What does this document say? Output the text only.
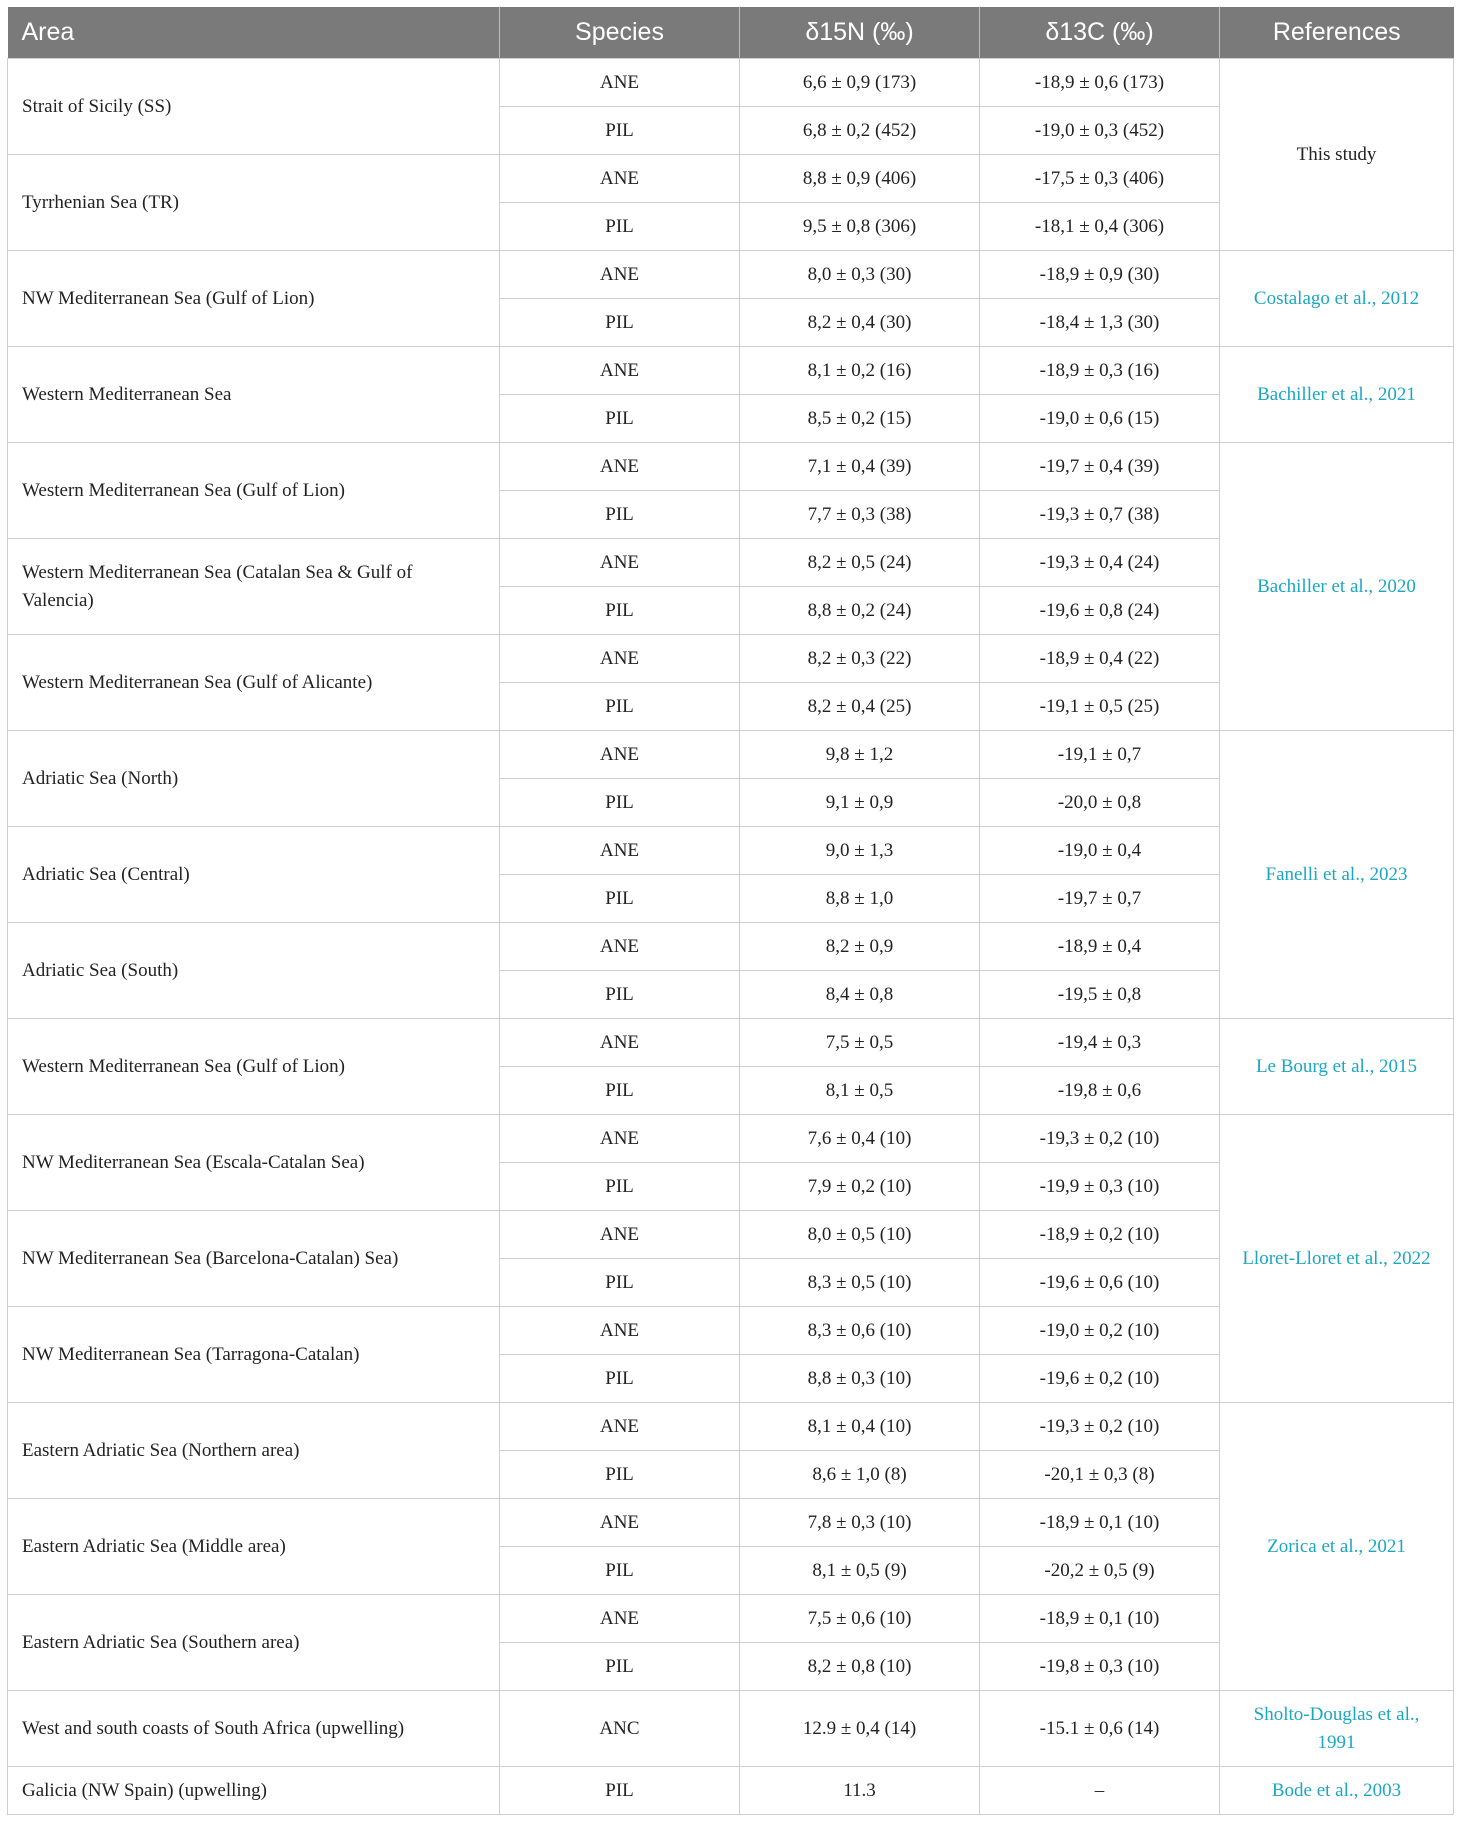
Area	Species	δ15N (‰)	δ13C (‰)	References
Strait of Sicily (SS)	ANE	6,6 ± 0,9 (173)	-18,9 ± 0,6 (173)	This study
	PIL	6,8 ± 0,2 (452)	-19,0 ± 0,3 (452)	
Tyrrhenian Sea (TR)	ANE	8,8 ± 0,9 (406)	-17,5 ± 0,3 (406)	
	PIL	9,5 ± 0,8 (306)	-18,1 ± 0,4 (306)	
NW Mediterranean Sea (Gulf of Lion)	ANE	8,0 ± 0,3 (30)	-18,9 ± 0,9 (30)	Costalago et al., 2012
	PIL	8,2 ± 0,4 (30)	-18,4 ± 1,3 (30)	
Western Mediterranean Sea	ANE	8,1 ± 0,2 (16)	-18,9 ± 0,3 (16)	Bachiller et al., 2021
	PIL	8,5 ± 0,2 (15)	-19,0 ± 0,6 (15)	
Western Mediterranean Sea (Gulf of Lion)	ANE	7,1 ± 0,4 (39)	-19,7 ± 0,4 (39)	Bachiller et al., 2020
	PIL	7,7 ± 0,3 (38)	-19,3 ± 0,7 (38)	
Western Mediterranean Sea (Catalan Sea & Gulf of Valencia)	ANE	8,2 ± 0,5 (24)	-19,3 ± 0,4 (24)	
	PIL	8,8 ± 0,2 (24)	-19,6 ± 0,8 (24)	
Western Mediterranean Sea (Gulf of Alicante)	ANE	8,2 ± 0,3 (22)	-18,9 ± 0,4 (22)	
	PIL	8,2 ± 0,4 (25)	-19,1 ± 0,5 (25)	
Adriatic Sea (North)	ANE	9,8 ± 1,2	-19,1 ± 0,7	Fanelli et al., 2023
	PIL	9,1 ± 0,9	-20,0 ± 0,8	
Adriatic Sea (Central)	ANE	9,0 ± 1,3	-19,0 ± 0,4	
	PIL	8,8 ± 1,0	-19,7 ± 0,7	
Adriatic Sea (South)	ANE	8,2 ± 0,9	-18,9 ± 0,4	
	PIL	8,4 ± 0,8	-19,5 ± 0,8	
Western Mediterranean Sea (Gulf of Lion)	ANE	7,5 ± 0,5	-19,4 ± 0,3	Le Bourg et al., 2015
	PIL	8,1 ± 0,5	-19,8 ± 0,6	
NW Mediterranean Sea (Escala-Catalan Sea)	ANE	7,6 ± 0,4 (10)	-19,3 ± 0,2 (10)	Lloret-Lloret et al., 2022
	PIL	7,9 ± 0,2 (10)	-19,9 ± 0,3 (10)	
NW Mediterranean Sea (Barcelona-Catalan) Sea)	ANE	8,0 ± 0,5 (10)	-18,9 ± 0,2 (10)	
	PIL	8,3 ± 0,5 (10)	-19,6 ± 0,6 (10)	
NW Mediterranean Sea (Tarragona-Catalan)	ANE	8,3 ± 0,6 (10)	-19,0 ± 0,2 (10)	
	PIL	8,8 ± 0,3 (10)	-19,6 ± 0,2 (10)	
Eastern Adriatic Sea (Northern area)	ANE	8,1 ± 0,4 (10)	-19,3 ± 0,2 (10)	Zorica et al., 2021
	PIL	8,6 ± 1,0 (8)	-20,1 ± 0,3 (8)	
Eastern Adriatic Sea (Middle area)	ANE	7,8 ± 0,3 (10)	-18,9 ± 0,1 (10)	
	PIL	8,1 ± 0,5 (9)	-20,2 ± 0,5 (9)	
Eastern Adriatic Sea (Southern area)	ANE	7,5 ± 0,6 (10)	-18,9 ± 0,1 (10)	
	PIL	8,2 ± 0,8 (10)	-19,8 ± 0,3 (10)	
West and south coasts of South Africa (upwelling)	ANC	12.9 ± 0,4 (14)	-15.1 ± 0,6 (14)	Sholto-Douglas et al., 1991
Galicia (NW Spain) (upwelling)	PIL	11.3	–	Bode et al., 2003
